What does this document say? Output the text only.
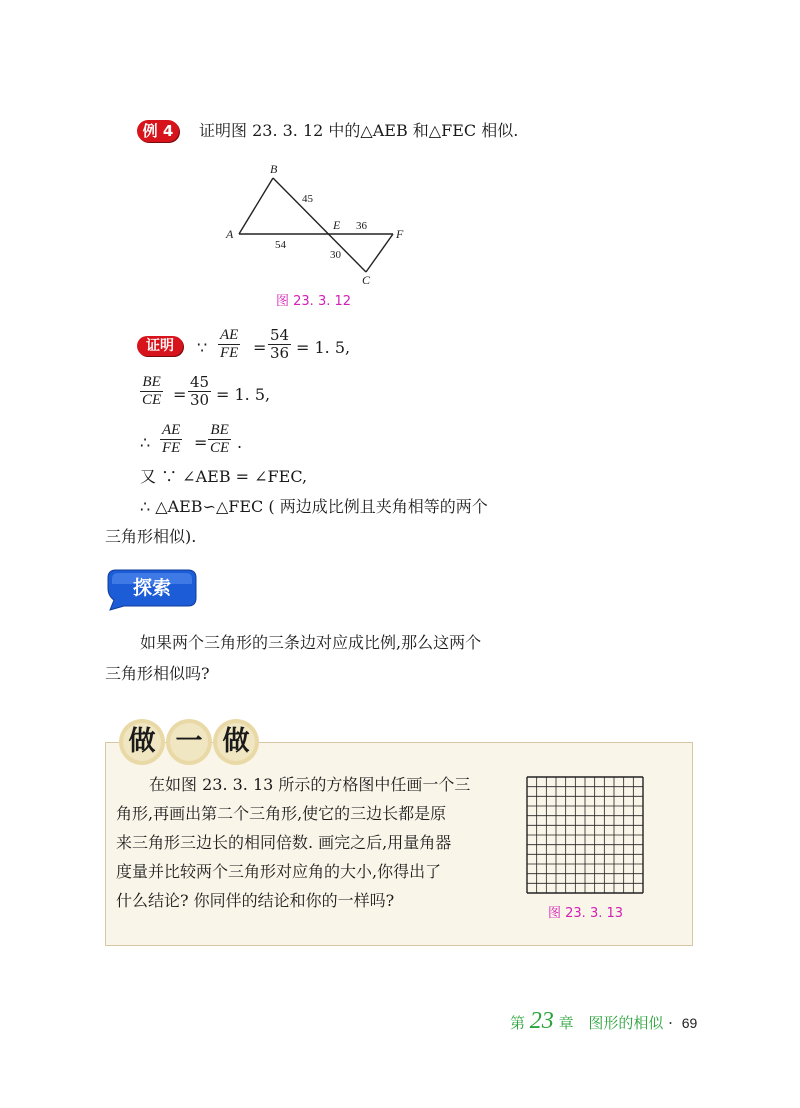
例 4	证明图 23. 3. 12 中的△AEB 和△FEC 相似.
A
B
E
F
C
45
54
36
30
图 23. 3. 12
证明	∵ $\frac{AE}{FE} = \frac{54}{36} = 1$. 5,
$\frac{BE}{CE} = \frac{45}{30} = 1$. 5,
∴ $\frac{AE}{FE} = \frac{BE}{CE}$ .
又 ∵ ∠AEB = ∠FEC,
∴ △AEB∽△FEC ( 两边成比例且夹角相等的两个
三角形相似).
探索
如果两个三角形的三条边对应成比例,那么这两个
三角形相似吗?
做 一 做
在如图 23. 3. 13 所示的方格图中任画一个三
角形,再画出第二个三角形,使它的三边长都是原
来三角形三边长的相同倍数. 画完之后,用量角器
度量并比较两个三角形对应角的大小,你得出了
什么结论? 你同伴的结论和你的一样吗?
图 23. 3. 13
第 23 章 图形的相似 · 69
